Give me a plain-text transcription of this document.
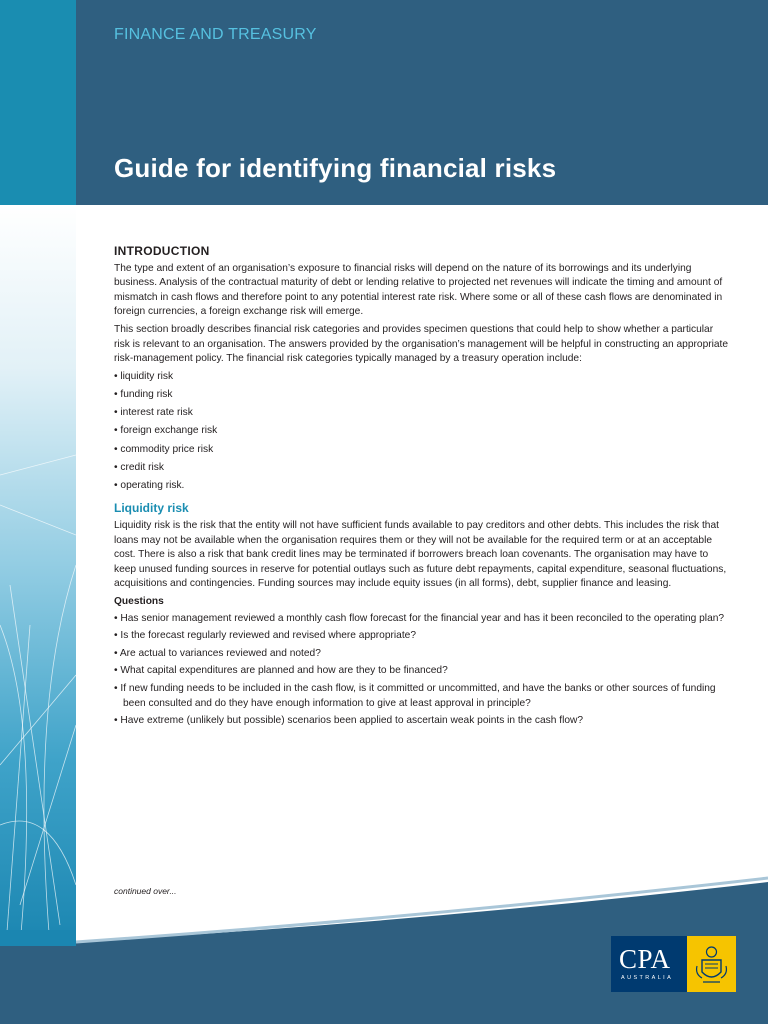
FINANCE AND TREASURY
Guide for identifying financial risks
INTRODUCTION

The type and extent of an organisation’s exposure to financial risks will depend on the nature of its borrowings and its underlying business. Analysis of the contractual maturity of debt or lending relative to projected net revenues will indicate the timing and amount of mismatch in cash flows and therefore point to any potential interest rate risk. Where some or all of these cash flows are denominated in foreign currencies, a foreign exchange risk will emerge.

This section broadly describes financial risk categories and provides specimen questions that could help to show whether a particular risk is relevant to an organisation. The answers provided by the organisation’s management will be helpful in constructing an appropriate risk-management policy. The financial risk categories typically managed by a treasury operation include:

• liquidity risk
• funding risk
• interest rate risk
• foreign exchange risk
• commodity price risk
• credit risk
• operating risk.
Liquidity risk

Liquidity risk is the risk that the entity will not have sufficient funds available to pay creditors and other debts. This includes the risk that loans may not be available when the organisation requires them or they will not be available for the required term or at an acceptable cost. There is also a risk that bank credit lines may be terminated if borrowers breach loan covenants. The organisation may have to keep unused funding sources in reserve for potential outlays such as future debt repayments, capital expenditure, seasonal fluctuations, acquisitions and contingencies. Funding sources may include equity issues (in all forms), debt, supplier finance and leasing.

Questions
• Has senior management reviewed a monthly cash flow forecast for the financial year and has it been reconciled to the operating plan?
• Is the forecast regularly reviewed and revised where appropriate?
• Are actual to variances reviewed and noted?
• What capital expenditures are planned and how are they to be financed?
• If new funding needs to be included in the cash flow, is it committed or uncommitted, and have the banks or other sources of funding been consulted and do they have enough information to give at least approval in principle?
• Have extreme (unlikely but possible) scenarios been applied to ascertain weak points in the cash flow?
continued over...
CPA
AUSTRALIA
